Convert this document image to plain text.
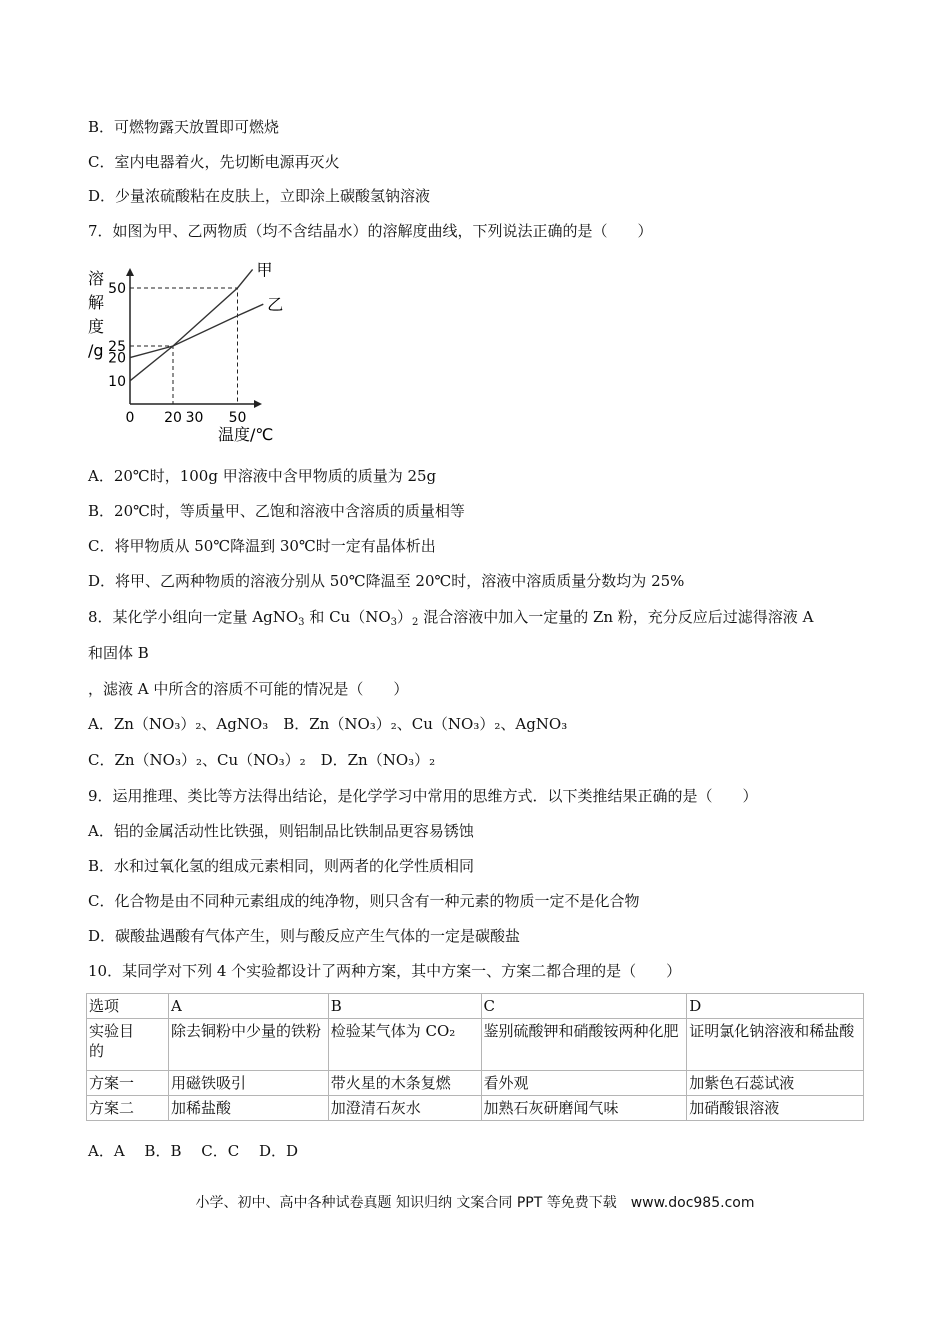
B．可燃物露天放置即可燃烧
C．室内电器着火，先切断电源再灭火
D．少量浓硫酸粘在皮肤上，立即涂上碳酸氢钠溶液
7．如图为甲、乙两物质（均不含结晶水）的溶解度曲线，下列说法正确的是（　　）
溶解度/g
50
25
20
10
0 20 30 50
甲
乙
温度/℃
A．20℃时，100g 甲溶液中含甲物质的质量为 25g
B．20℃时，等质量甲、乙饱和溶液中含溶质的质量相等
C．将甲物质从 50℃降温到 30℃时一定有晶体析出
D．将甲、乙两种物质的溶液分别从 50℃降温至 20℃时，溶液中溶质质量分数均为 25%
8．某化学小组向一定量 AgNO$_3$ 和 $Cu(NO_3)_2$ 混合溶液中加入一定量的 Zn 粉，充分反应后过滤得溶液 A
和固体 B
，滤液 A 中所含的溶质不可能的情况是（　　）
A．Zn（NO₃）₂、AgNO₃　B．Zn（NO₃）₂、Cu（NO₃）₂、AgNO₃
C．Zn（NO₃）₂、Cu（NO₃）₂　D．Zn（NO₃）₂
9．运用推理、类比等方法得出结论，是化学学习中常用的思维方式．以下类推结果正确的是（　　）
A．铝的金属活动性比铁强，则铝制品比铁制品更容易锈蚀
B．水和过氧化氢的组成元素相同，则两者的化学性质相同
C．化合物是由不同种元素组成的纯净物，则只含有一种元素的物质一定不是化合物
D．碳酸盐遇酸有气体产生，则与酸反应产生气体的一定是碳酸盐
10．某同学对下列 4 个实验都设计了两种方案，其中方案一、方案二都合理的是（　　）
选项	A	B	C	D
实验目的	除去铜粉中少量的铁粉	检验某气体为 CO₂	鉴别硫酸钾和硝酸铵两种化肥	证明氯化钠溶液和稀盐酸
方案一	用磁铁吸引	带火星的木条复燃	看外观	加紫色石蕊试液
方案二	加稀盐酸	加澄清石灰水	加熟石灰研磨闻气味	加硝酸银溶液
A．A　 B．B　 C．C　 D．D
小学、初中、高中各种试卷真题 知识归纳 文案合同 PPT 等免费下载　www.doc985.com
